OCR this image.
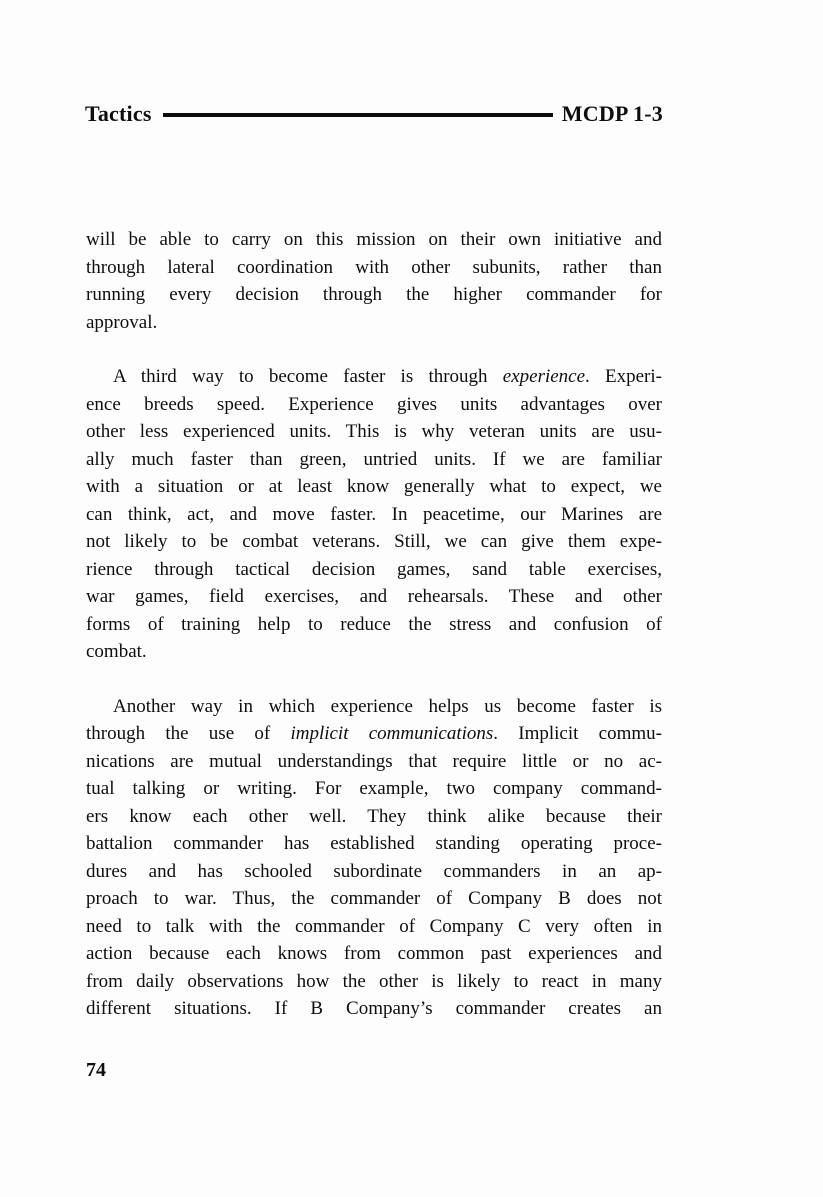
Tactics	MCDP 1-3
will be able to carry on this mission on their own initiative and
through lateral coordination with other subunits, rather than
running every decision through the higher commander for
approval.
A third way to become faster is through experience. Experi-
ence breeds speed. Experience gives units advantages over
other less experienced units. This is why veteran units are usu-
ally much faster than green, untried units. If we are familiar
with a situation or at least know generally what to expect, we
can think, act, and move faster. In peacetime, our Marines are
not likely to be combat veterans. Still, we can give them expe-
rience through tactical decision games, sand table exercises,
war games, field exercises, and rehearsals. These and other
forms of training help to reduce the stress and confusion of
combat.
Another way in which experience helps us become faster is
through the use of implicit communications. Implicit commu-
nications are mutual understandings that require little or no ac-
tual talking or writing. For example, two company command-
ers know each other well. They think alike because their
battalion commander has established standing operating proce-
dures and has schooled subordinate commanders in an ap-
proach to war. Thus, the commander of Company B does not
need to talk with the commander of Company C very often in
action because each knows from common past experiences and
from daily observations how the other is likely to react in many
different situations. If B Company’s commander creates an
74
